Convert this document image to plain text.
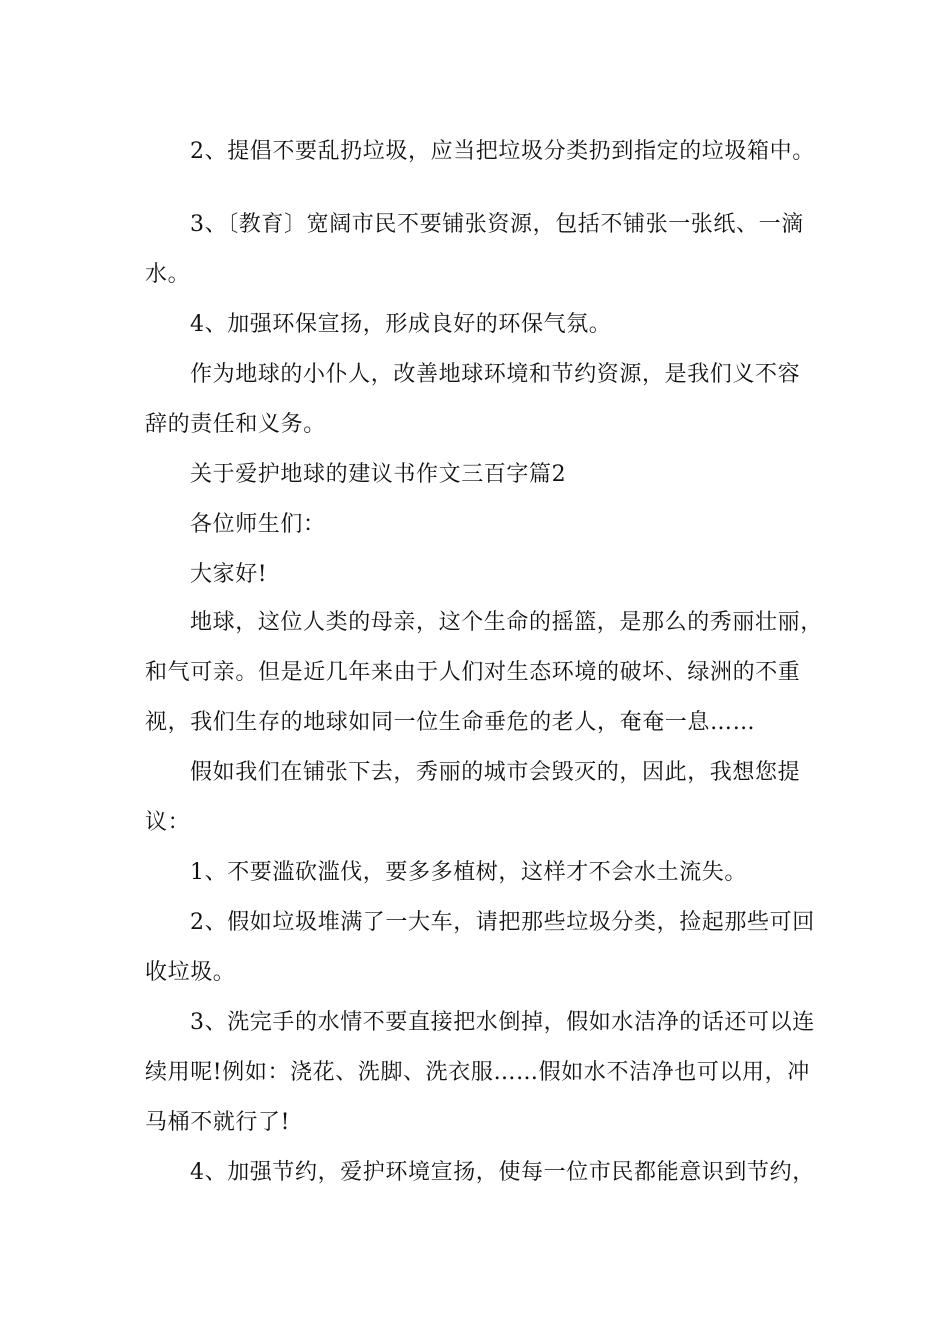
2、提倡不要乱扔垃圾，应当把垃圾分类扔到指定的垃圾箱中。
3、〔教育〕宽阔市民不要铺张资源，包括不铺张一张纸、一滴
水。
4、加强环保宣扬，形成良好的环保气氛。
作为地球的小仆人，改善地球环境和节约资源，是我们义不容
辞的责任和义务。
关于爱护地球的建议书作文三百字篇2
各位师生们：
大家好!
地球，这位人类的母亲，这个生命的摇篮，是那么的秀丽壮丽，
和气可亲。但是近几年来由于人们对生态环境的破坏、绿洲的不重
视，我们生存的地球如同一位生命垂危的老人，奄奄一息……
假如我们在铺张下去，秀丽的城市会毁灭的，因此，我想您提
议：
1、不要滥砍滥伐，要多多植树，这样才不会水土流失。
2、假如垃圾堆满了一大车，请把那些垃圾分类，捡起那些可回
收垃圾。
3、洗完手的水情不要直接把水倒掉，假如水洁净的话还可以连
续用呢!例如：浇花、洗脚、洗衣服……假如水不洁净也可以用，冲
马桶不就行了!
4、加强节约，爱护环境宣扬，使每一位市民都能意识到节约，
